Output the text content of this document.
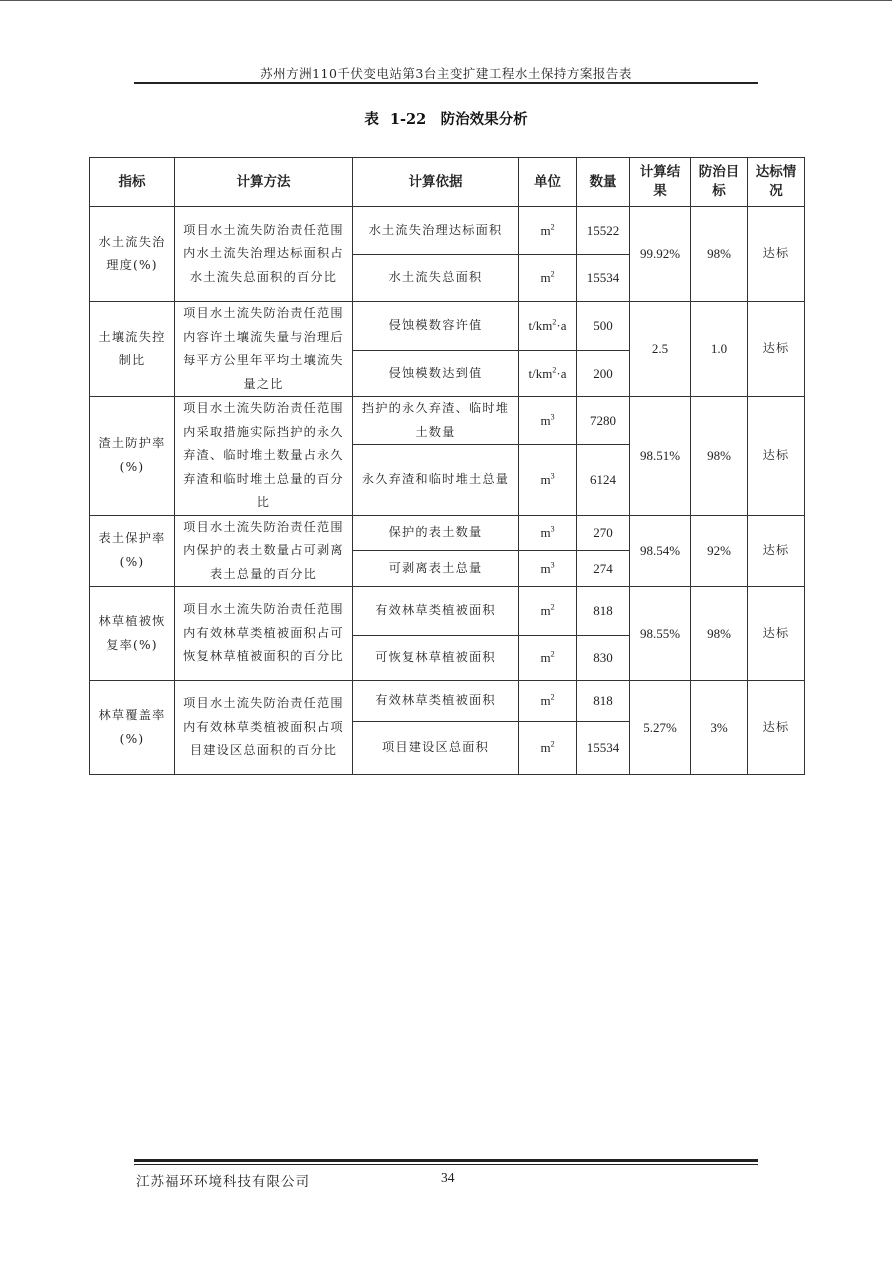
苏州方洲110千伏变电站第3台主变扩建工程水土保持方案报告表
表 1-22　防治效果分析
指标	计算方法	计算依据	单位	数量	计算结果	防治目标	达标情况
水土流失治理度(%)	项目水土流失防治责任范围内水土流失治理达标面积占水土流失总面积的百分比	水土流失治理达标面积	$m^2$	15522	99.92%	98%	达标
		水土流失总面积	$m^2$	15534			
土壤流失控制比	项目水土流失防治责任范围内容许土壤流失量与治理后每平方公里年平均土壤流失量之比	侵蚀模数容许值	$t/km^2\cdot a$	500	2.5	1.0	达标
		侵蚀模数达到值	$t/km^2\cdot a$	200			
渣土防护率(%)	项目水土流失防治责任范围内采取措施实际挡护的永久弃渣、临时堆土数量占永久弃渣和临时堆土总量的百分比	挡护的永久弃渣、临时堆土数量	$m^3$	7280	98.51%	98%	达标
		永久弃渣和临时堆土总量	$m^3$	6124			
表土保护率(%)	项目水土流失防治责任范围内保护的表土数量占可剥离表土总量的百分比	保护的表土数量	$m^3$	270	98.54%	92%	达标
		可剥离表土总量	$m^3$	274			
林草植被恢复率(%)	项目水土流失防治责任范围内有效林草类植被面积占可恢复林草植被面积的百分比	有效林草类植被面积	$m^2$	818	98.55%	98%	达标
		可恢复林草植被面积	$m^2$	830			
林草覆盖率(%)	项目水土流失防治责任范围内有效林草类植被面积占项目建设区总面积的百分比	有效林草类植被面积	$m^2$	818	5.27%	3%	达标
		项目建设区总面积	$m^2$	15534			
江苏福环环境科技有限公司	34
